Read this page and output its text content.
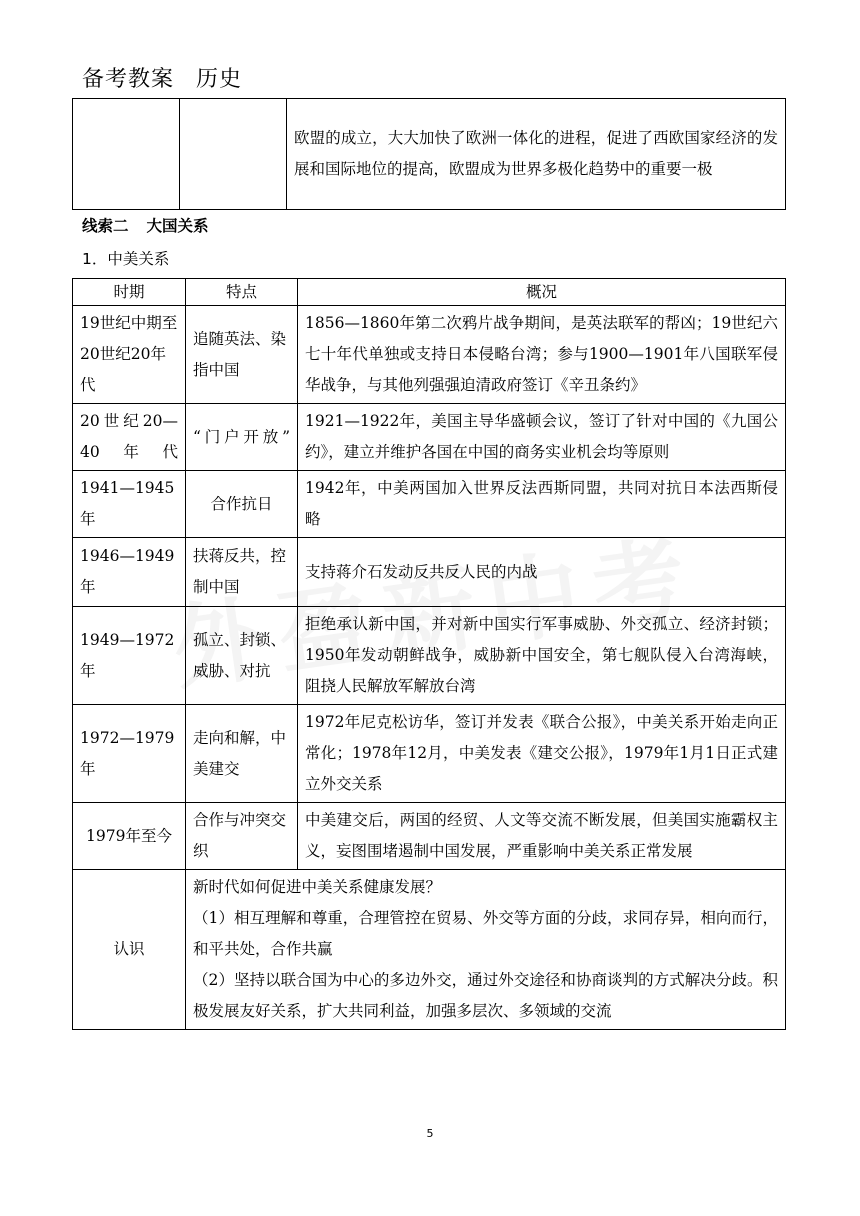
备考教案 历史
		欧盟的成立，大大加快了欧洲一体化的进程，促进了西欧国家经济的发展和国际地位的提高，欧盟成为世界多极化趋势中的重要一极
线索二 大国关系
1．中美关系
时期	特点	概况
19世纪中期至20世纪20年代	追随英法、染指中国	1856—1860年第二次鸦片战争期间，是英法联军的帮凶；19世纪六七十年代单独或支持日本侵略台湾；参与1900—1901年八国联军侵华战争，与其他列强强迫清政府签订《辛丑条约》
20世纪20—40年代	“门户开放”	1921—1922年，美国主导华盛顿会议，签订了针对中国的《九国公约》，建立并维护各国在中国的商务实业机会均等原则
1941—1945年	合作抗日	1942年，中美两国加入世界反法西斯同盟，共同对抗日本法西斯侵略
1946—1949年	扶蒋反共，控制中国	支持蒋介石发动反共反人民的内战
1949—1972年	孤立、封锁、威胁、对抗	拒绝承认新中国，并对新中国实行军事威胁、外交孤立、经济封锁；1950年发动朝鲜战争，威胁新中国安全，第七舰队侵入台湾海峡，阻挠人民解放军解放台湾
1972—1979年	走向和解，中美建交	1972年尼克松访华，签订并发表《联合公报》，中美关系开始走向正常化；1978年12月，中美发表《建交公报》，1979年1月1日正式建立外交关系
1979年至今	合作与冲突交织	中美建交后，两国的经贸、人文等交流不断发展，但美国实施霸权主义，妄图围堵遏制中国发展，严重影响中美关系正常发展
认识	新时代如何促进中美关系健康发展？
（1）相互理解和尊重，合理管控在贸易、外交等方面的分歧，求同存异，相向而行，和平共处，合作共赢
（2）坚持以联合国为中心的多边外交，通过外交途径和协商谈判的方式解决分歧。积极发展友好关系，扩大共同利益，加强多层次、多领域的交流	
5
